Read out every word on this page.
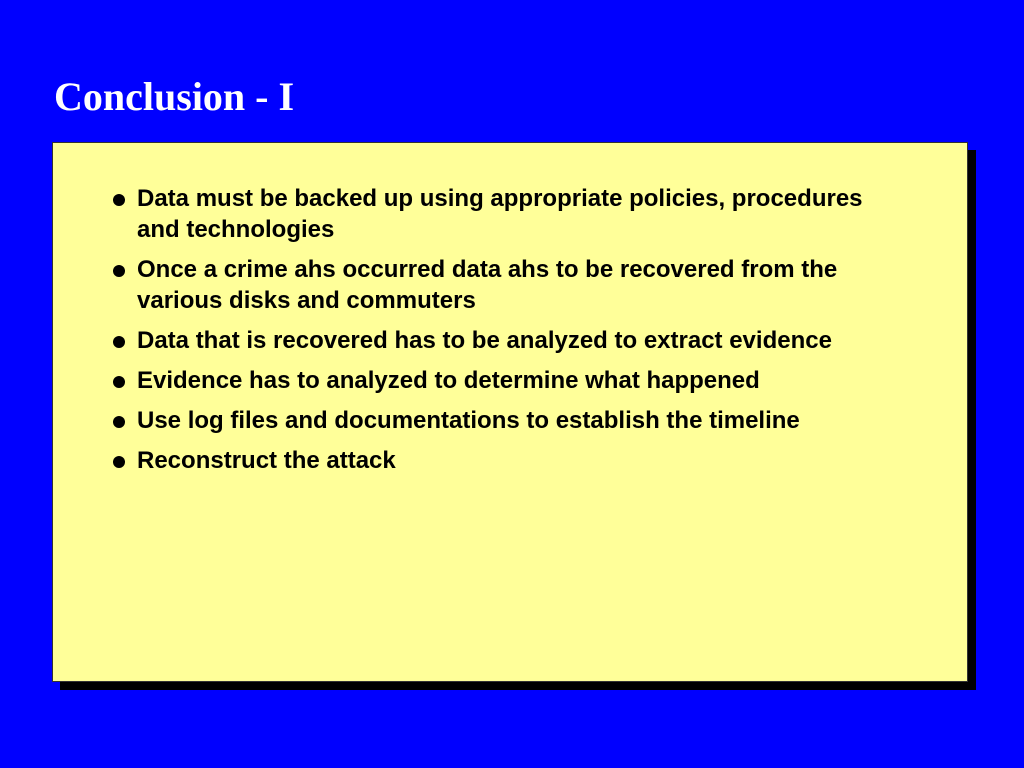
Conclusion - I
Data must be backed up using appropriate policies, procedures and technologies
Once a crime ahs occurred data ahs to be recovered from the various disks and commuters
Data that is recovered has to be analyzed to extract evidence
Evidence has to analyzed to determine what happened
Use log files and documentations to establish the timeline
Reconstruct the attack
